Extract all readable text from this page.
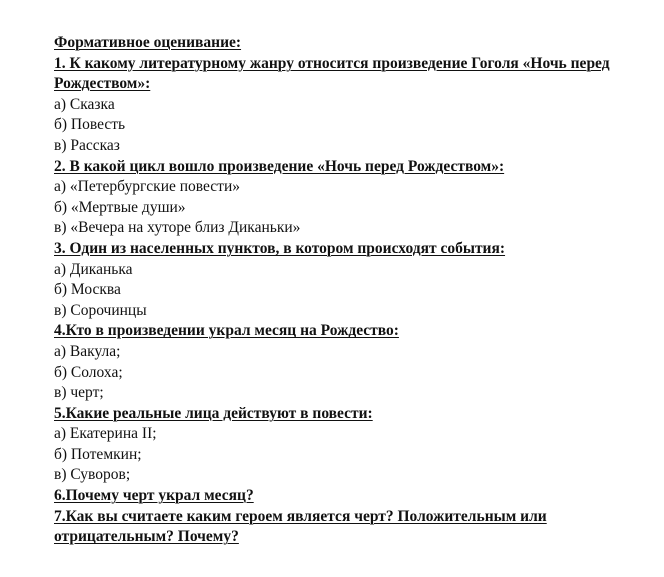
Формативное оценивание:
1. К какому литературному жанру относится произведение Гоголя «Ночь перед Рождеством»:
а) Сказка
б) Повесть
в) Рассказ
2. В какой цикл вошло произведение «Ночь перед Рождеством»:
а) «Петербургские повести»
б) «Мертвые души»
в) «Вечера на хуторе близ Диканьки»
3. Один из населенных пунктов, в котором происходят события:
а) Диканька
б) Москва
в) Сорочинцы
4.Кто в произведении украл месяц на Рождество:
а) Вакула;
б) Солоха;
в) черт;
5.Какие реальные лица действуют в повести:
а) Екатерина II;
б) Потемкин;
в) Суворов;
6.Почему черт украл месяц?
7.Как вы считаете каким героем является черт? Положительным или отрицательным? Почему?
